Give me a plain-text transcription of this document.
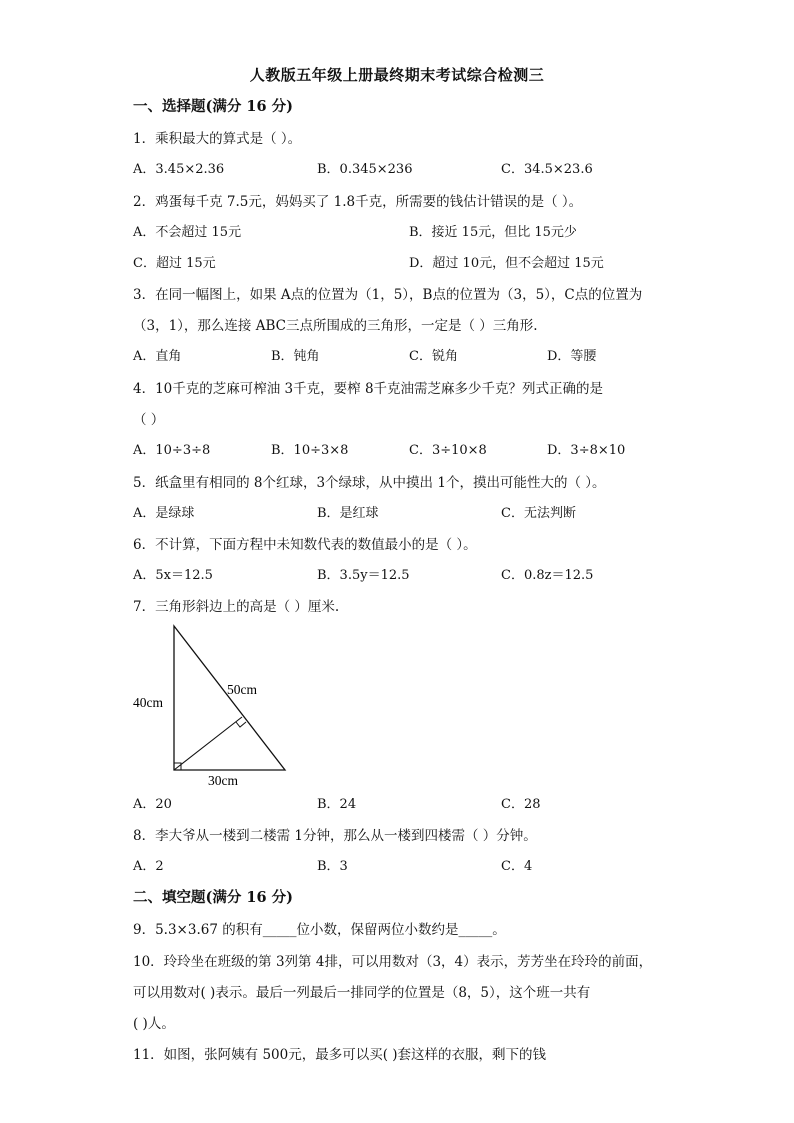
人教版五年级上册最终期末考试综合检测三
一、选择题(满分 16 分)
1．乘积最大的算式是（ ）。
A．3.45×2.36	B．0.345×236	C．34.5×23.6
2．鸡蛋每千克 7.5元，妈妈买了 1.8千克，所需要的钱估计错误的是（ ）。
A．不会超过 15元	B．接近 15元，但比 15元少
C．超过 15元	D．超过 10元，但不会超过 15元
3．在同一幅图上，如果 A点的位置为（1，5），B点的位置为（3，5），C点的位置为
（3，1），那么连接 ABC三点所围成的三角形，一定是（ ）三角形.
A．直角	B．钝角	C．锐角	D．等腰
4．10千克的芝麻可榨油 3千克，要榨 8千克油需芝麻多少千克？列式正确的是
（ ）
A．10÷3÷8	B．10÷3×8	C．3÷10×8	D．3÷8×10
5．纸盒里有相同的 8个红球，3个绿球，从中摸出 1个，摸出可能性大的（ ）。
A．是绿球	B．是红球	C．无法判断
6．不计算，下面方程中未知数代表的数值最小的是（ ）。
A．5x＝12.5	B．3.5y＝12.5	C．0.8z＝12.5
7．三角形斜边上的高是（ ）厘米.
40cm
50cm
30cm
A．20	B．24	C．28
8．李大爷从一楼到二楼需 1分钟，那么从一楼到四楼需（ ）分钟。
A．2	B．3	C．4
二、填空题(满分 16 分)
9．5.3×3.67 的积有_____位小数，保留两位小数约是_____。
10．玲玲坐在班级的第 3列第 4排，可以用数对（3，4）表示，芳芳坐在玲玲的前面，
可以用数对( )表示。最后一列最后一排同学的位置是（8，5），这个班一共有
( )人。
11．如图，张阿姨有 500元，最多可以买( )套这样的衣服，剩下的钱
